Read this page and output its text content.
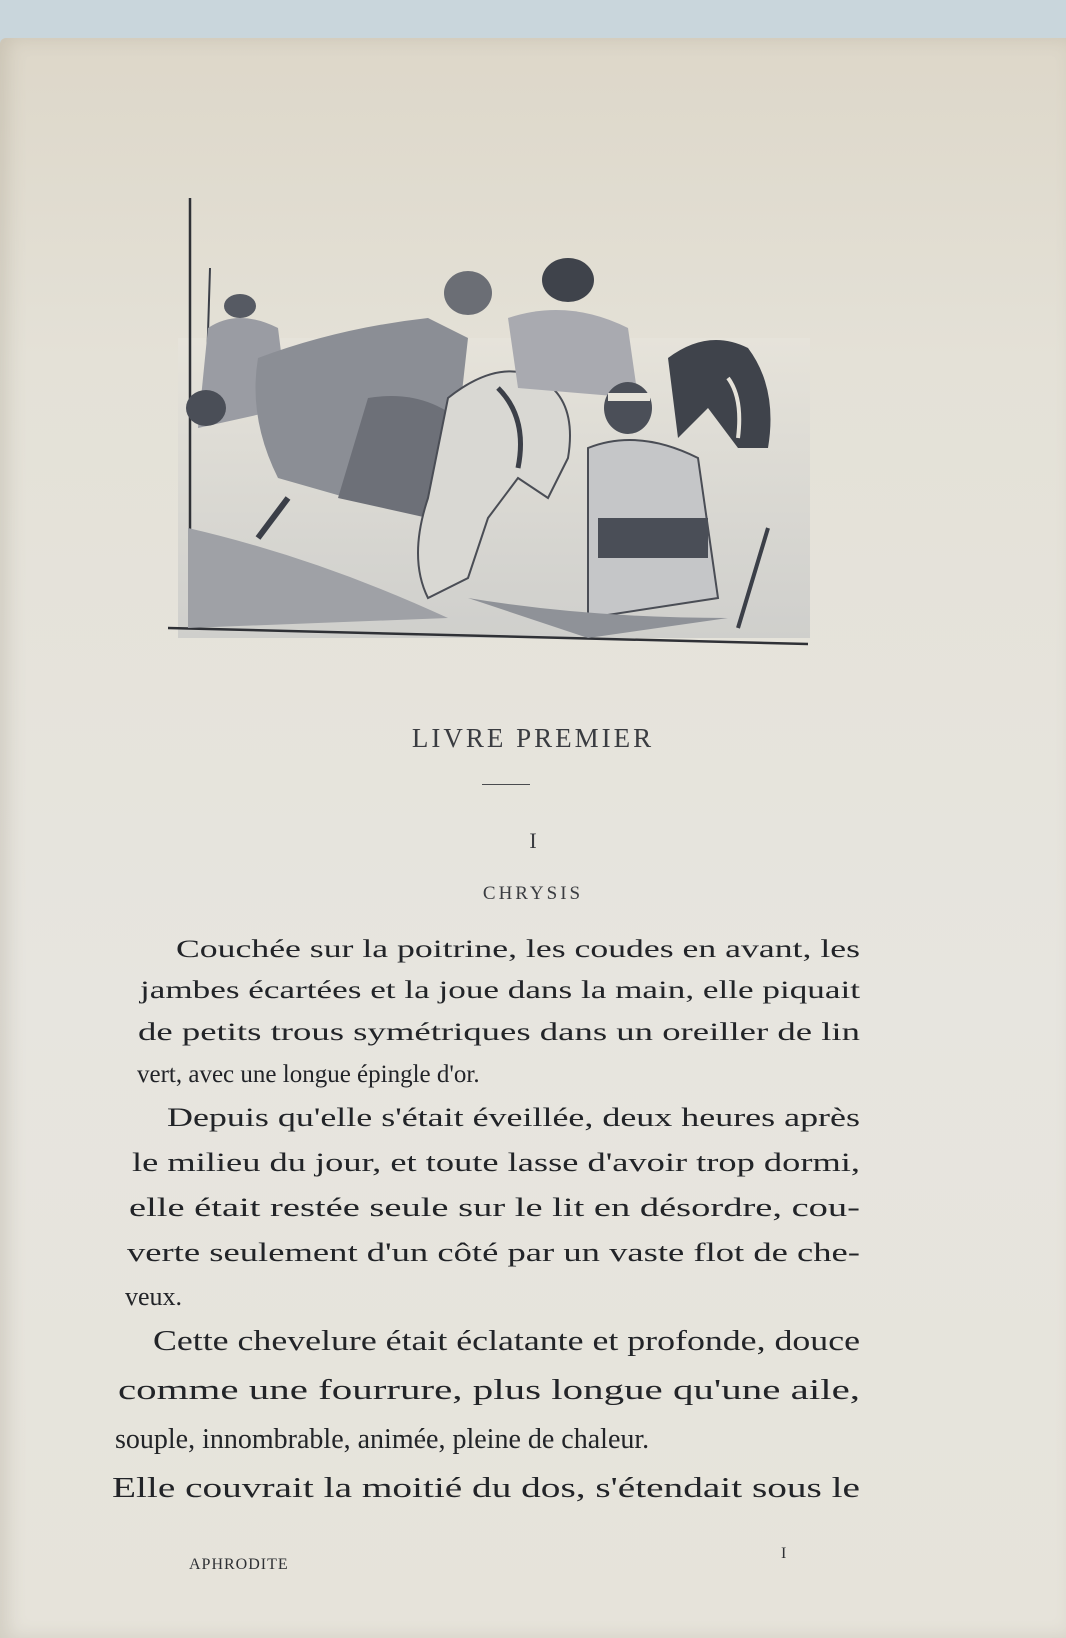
LIVRE PREMIER
I
CHRYSIS
Couchée sur la poitrine, les coudes en avant, les
jambes écartées et la joue dans la main, elle piquait
de petits trous symétriques dans un oreiller de lin
vert, avec une longue épingle d'or.
Depuis qu'elle s'était éveillée, deux heures après
le milieu du jour, et toute lasse d'avoir trop dormi,
elle était restée seule sur le lit en désordre, cou-
verte seulement d'un côté par un vaste flot de che-
veux.
Cette chevelure était éclatante et profonde, douce
comme une fourrure, plus longue qu'une aile,
souple, innombrable, animée, pleine de chaleur.
Elle couvrait la moitié du dos, s'étendait sous le
APHRODITE
I
